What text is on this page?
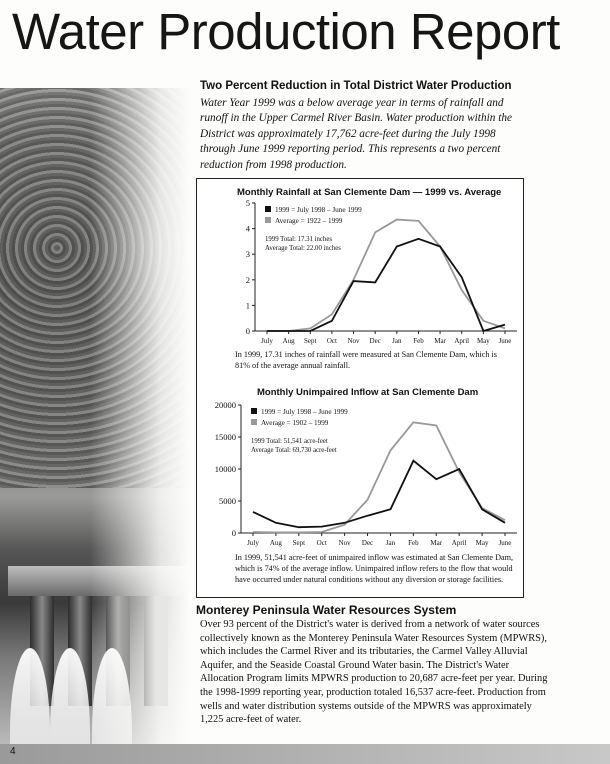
Water Production Report
Two Percent Reduction in Total District Water Production
Water Year 1999 was a below average year in terms of rainfall and
runoff in the Upper Carmel River Basin. Water production within the
District was approximately 17,762 acre-feet during the July 1998
through June 1999 reporting period. This represents a two percent
reduction from 1998 production.
Monthly Rainfall at San Clemente Dam — 1999 vs. Average
0
1
2
3
4
5
July Aug Sept Oct Nov Dec Jan Feb Mar April May June
1999 = July 1998 – June 1999
Average = 1922 – 1999
1999 Total: 17.31 inches
Average Total: 22.00 inches
In 1999, 17.31 inches of rainfall were measured at San Clemente Dam, which is
81% of the average annual rainfall.
Monthly Unimpaired Inflow at San Clemente Dam
0
5000
10000
15000
20000
July Aug Sept Oct Nov Dec Jan Feb Mar April May June
1999 = July 1998 – June 1999
Average = 1902 – 1999
1999 Total: 51,541 acre-feet
Average Total: 69,730 acre-feet
In 1999, 51,541 acre-feet of unimpaired inflow was estimated at San Clemente Dam,
which is 74% of the average inflow. Unimpaired inflow refers to the flow that would
have occurred under natural conditions without any diversion or storage facilities.
Monterey Peninsula Water Resources System
Over 93 percent of the District's water is derived from a network of water sources
collectively known as the Monterey Peninsula Water Resources System (MPWRS),
which includes the Carmel River and its tributaries, the Carmel Valley Alluvial
Aquifer, and the Seaside Coastal Ground Water basin. The District's Water
Allocation Program limits MPWRS production to 20,687 acre-feet per year. During
the 1998-1999 reporting year, production totaled 16,537 acre-feet. Production from
wells and water distribution systems outside of the MPWRS was approximately
1,225 acre-feet of water.
4
